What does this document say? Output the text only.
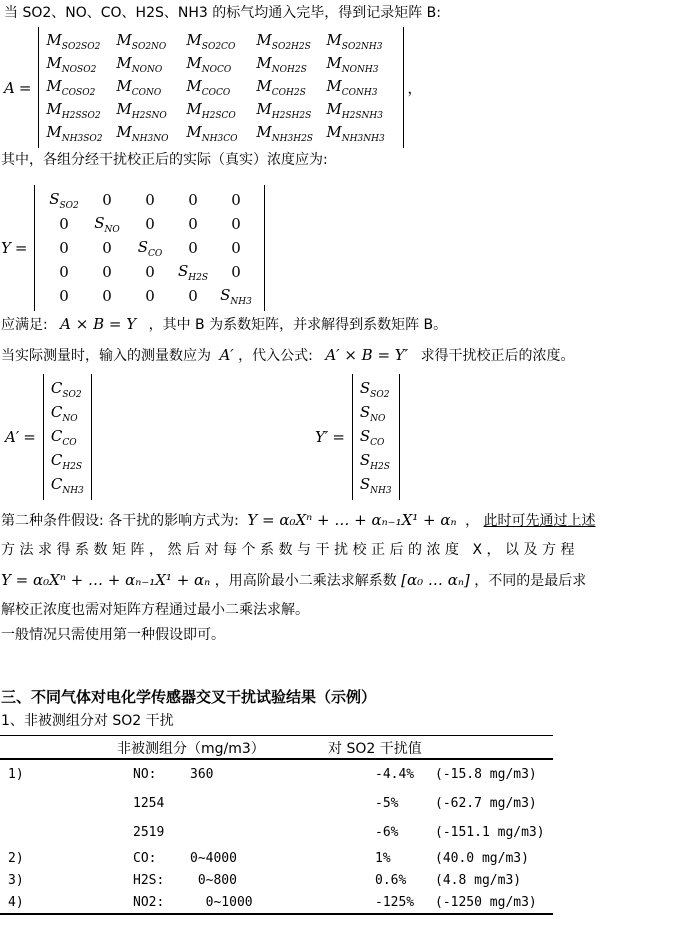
当 SO2、NO、CO、H2S、NH3 的标气均通入完毕，得到记录矩阵 B:
A =
$M_{SO2SO2}$	$M_{SO2NO}$	$M_{SO2CO}$	$M_{SO2H2S}$	$M_{SO2NH3}$
$M_{NOSO2}$	$M_{NONO}$	$M_{NOCO}$	$M_{NOH2S}$	$M_{NONH3}$
$M_{COSO2}$	$M_{CONO}$	$M_{COCO}$	$M_{COH2S}$	$M_{CONH3}$
$M_{H2SSO2}$	$M_{H2SNO}$	$M_{H2SCO}$	$M_{H2SH2S}$	$M_{H2SNH3}$
$M_{NH3SO2}$ $M_{NH3NO}$	$M_{NH3CO}$	$M_{NH3H2S}$ $M_{NH3NH3}$
，
其中，各组分经干扰校正后的实际（真实）浓度应为:
Y =
$S_{SO2}$	0	0	0	0
0	$S_{NO}$	0	0	0
0	0	$S_{CO}$	0	0
0	0	0	$S_{H2S}$	0
0	0	0	0	$S_{NH3}$
应满足: A × B = Y ，其中 B 为系数矩阵，并求解得到系数矩阵 B。
当实际测量时，输入的测量数应为 A′ ，代入公式: A′ × B = Y′ 求得干扰校正后的浓度。
A′ =
$C_{SO2}$
$C_{NO}$
$C_{CO}$
$C_{H2S}$
$C_{NH3}$
Y′ =
$S_{SO2}$
$S_{NO}$
$S_{CO}$
$S_{H2S}$
$S_{NH3}$
第二种条件假设: 各干扰的影响方式为: Y = α₀Xⁿ + … + αₙ₋₁X¹ + αₙ ， 此时可先通过上述
方法求得系数矩阵，然后对每个系数与干扰校正后的浓度 X，以及方程
Y = α₀Xⁿ + … + αₙ₋₁X¹ + αₙ ，用高阶最小二乘法求解系数 [α₀ … αₙ] ，不同的是最后求
解校正浓度也需对矩阵方程通过最小二乘法求解。
一般情况只需使用第一种假设即可。
三、不同气体对电化学传感器交叉干扰试验结果（示例）
1、非被测组分对 SO2 干扰
非被测组分（mg/m3）	对 SO2 干扰值
1)	NO:	360	-4.4%	(-15.8 mg/m3)
1254	-5%	(-62.7 mg/m3)
2519	-6%	(-151.1 mg/m3)
2)	CO:	0~4000	1%	(40.0 mg/m3)
3)	H2S:	0~800	0.6%	(4.8 mg/m3)
4)	NO2:	0~1000	-125%	(-1250 mg/m3)
